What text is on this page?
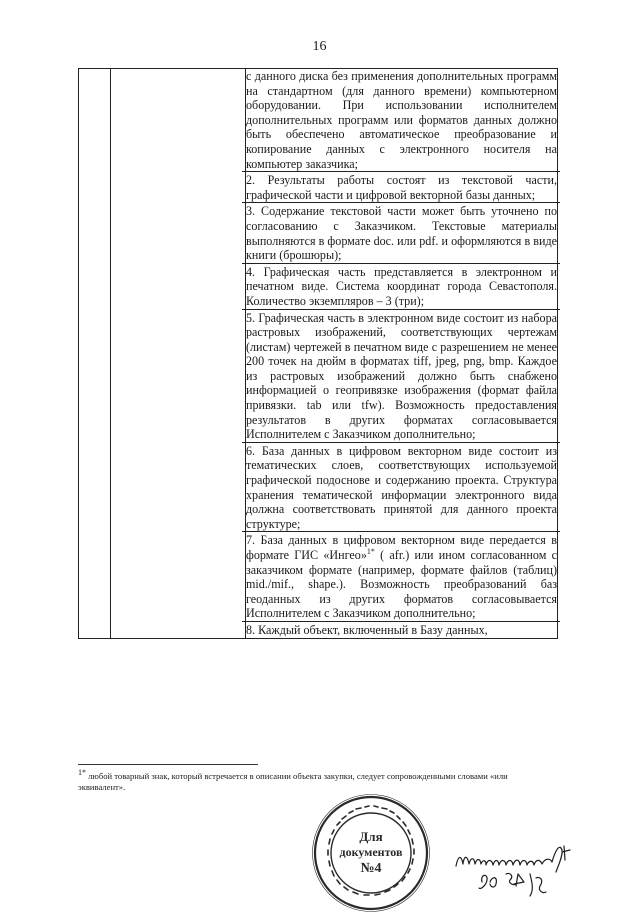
16

с данного диска без применения дополнительных программ на стандартном (для данного времени) компьютерном оборудовании. При использовании исполнителем дополнительных программ или форматов данных должно быть обеспечено автоматическое преобразование и копирование данных с электронного носителя на компьютер заказчика;

2. Результаты работы состоят из текстовой части, графической части и цифровой векторной базы данных;

3. Содержание текстовой части может быть уточнено по согласованию с Заказчиком. Текстовые материалы выполняются в формате doc. или pdf. и оформляются в виде книги (брошюры);

4. Графическая часть представляется в электронном и печатном виде. Система координат города Севастополя. Количество экземпляров – 3 (три);

5. Графическая часть в электронном виде состоит из набора растровых изображений, соответствующих чертежам (листам) чертежей в печатном виде с разрешением не менее 200 точек на дюйм в форматах tiff, jpeg, png, bmp. Каждое из растровых изображений должно быть снабжено информацией о геопривязке изображения (формат файла привязки. tab или tfw). Возможность предоставления результатов в других форматах согласовывается Исполнителем с Заказчиком дополнительно;

6. База данных в цифровом векторном виде состоит из тематических слоев, соответствующих используемой графической подоснове и содержанию проекта. Структура хранения тематической информации электронного вида должна соответствовать принятой для данного проекта структуре;

7. База данных в цифровом векторном виде передается в формате ГИС «Ингео»$^{1*}$ ( afr.) или ином согласованном с заказчиком формате (например, формате файлов (таблиц) mid./mif., shape.). Возможность преобразований баз геоданных из других форматов согласовывается Исполнителем с Заказчиком дополнительно;

8. Каждый объект, включенный в Базу данных,

$^{1*}$ любой товарный знак, который встречается в описании объекта закупки, следует сопровожденными словами «или эквивалент».
Для
документов
№4
